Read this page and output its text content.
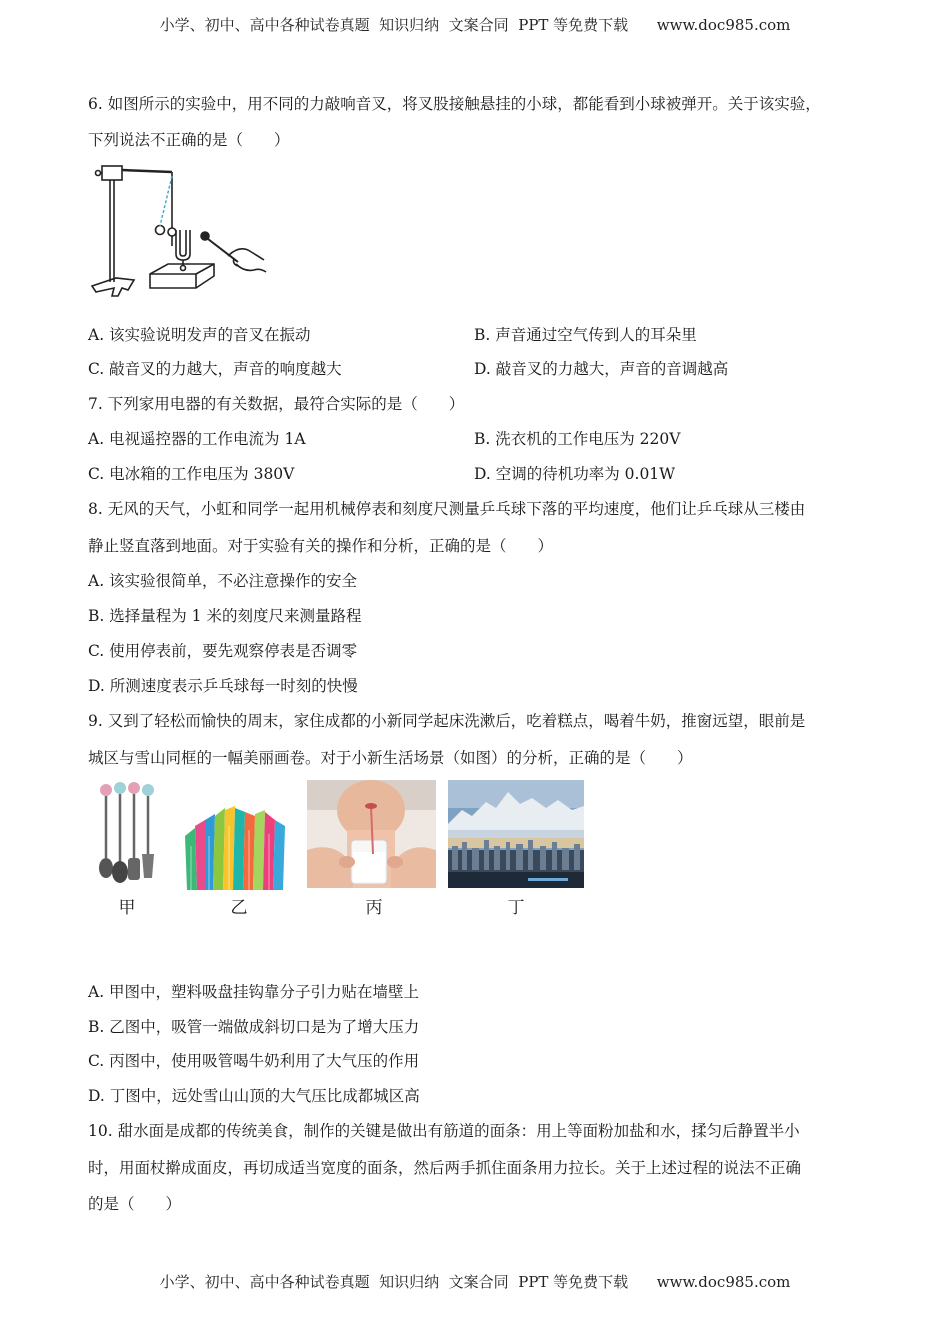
小学、初中、高中各种试卷真题  知识归纳  文案合同  PPT 等免费下载      www.doc985.com
6. 如图所示的实验中，用不同的力敲响音叉，将叉股接触悬挂的小球，都能看到小球被弹开。关于该实验，
下列说法不正确的是（　　）
A. 该实验说明发声的音叉在振动	B. 声音通过空气传到人的耳朵里
C. 敲音叉的力越大，声音的响度越大	D. 敲音叉的力越大，声音的音调越高
7. 下列家用电器的有关数据，最符合实际的是（　　）
A. 电视遥控器的工作电流为 1A	B. 洗衣机的工作电压为 220V
C. 电冰箱的工作电压为 380V	D. 空调的待机功率为 0.01W
8. 无风的天气，小虹和同学一起用机械停表和刻度尺测量乒乓球下落的平均速度，他们让乒乓球从三楼由
静止竖直落到地面。对于实验有关的操作和分析，正确的是（　　）
A. 该实验很简单，不必注意操作的安全
B. 选择量程为 1 米的刻度尺来测量路程
C. 使用停表前，要先观察停表是否调零
D. 所测速度表示乒乓球每一时刻的快慢
9. 又到了轻松而愉快的周末，家住成都的小新同学起床洗漱后，吃着糕点，喝着牛奶，推窗远望，眼前是
城区与雪山同框的一幅美丽画卷。对于小新生活场景（如图）的分析，正确的是（　　）
甲	乙	丙	丁
A. 甲图中，塑料吸盘挂钩靠分子引力贴在墙壁上
B. 乙图中，吸管一端做成斜切口是为了增大压力
C. 丙图中，使用吸管喝牛奶利用了大气压的作用
D. 丁图中，远处雪山山顶的大气压比成都城区高
10. 甜水面是成都的传统美食，制作的关键是做出有筋道的面条：用上等面粉加盐和水，揉匀后静置半小
时，用面杖擀成面皮，再切成适当宽度的面条，然后两手抓住面条用力拉长。关于上述过程的说法不正确
的是（　　）
小学、初中、高中各种试卷真题  知识归纳  文案合同  PPT 等免费下载      www.doc985.com
